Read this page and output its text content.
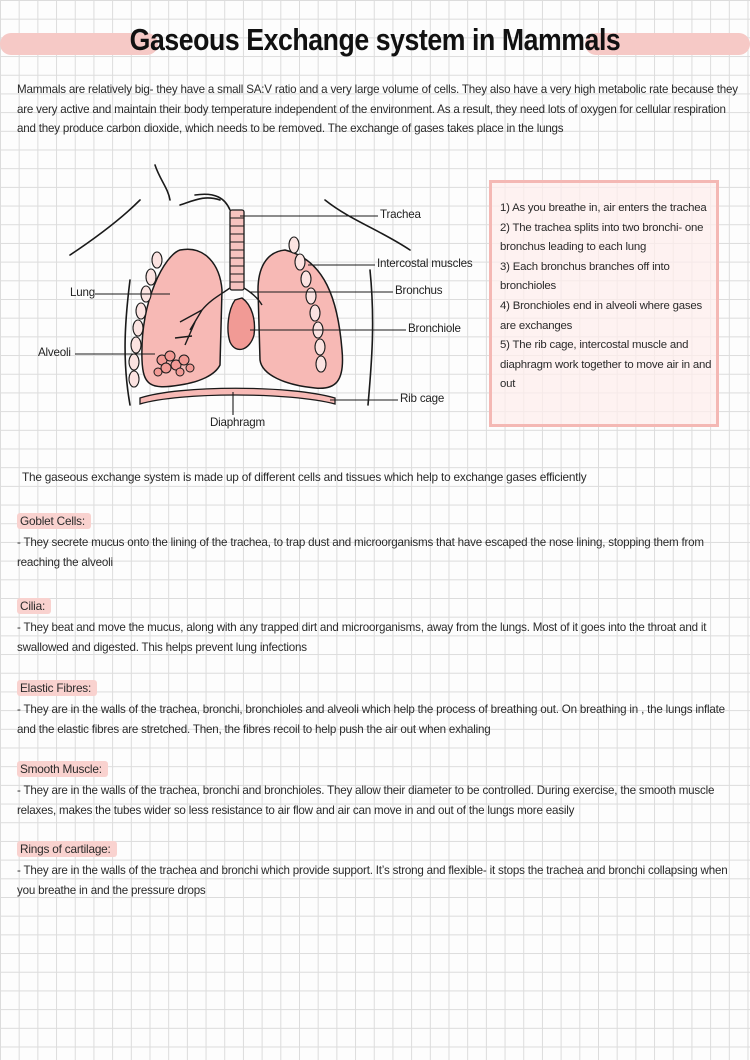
Gaseous Exchange system in Mammals
Mammals are relatively big- they have a small SA:V ratio and a very large volume of cells. They also have a very high metabolic rate because they are very active and maintain their body temperature independent of the environment. As a result, they need lots of oxygen for cellular respiration and they produce carbon dioxide, which needs to be removed. The exchange of gases takes place in the lungs
Trachea
Intercostal muscles
Bronchus
Bronchiole
Rib cage
Diaphragm
Lung
Alveoli
1) As you breathe in, air enters the trachea
2) The trachea splits into two bronchi- one bronchus leading to each lung
3) Each bronchus branches off into bronchioles
4) Bronchioles end in alveoli where gases are exchanges
5) The rib cage, intercostal muscle and diaphragm work together to move air in and out
The gaseous exchange system is made up of different cells and tissues which help to exchange gases efficiently
Goblet Cells:
- They secrete mucus onto the lining of the trachea, to trap dust and microorganisms that have escaped the nose lining, stopping them from reaching the alveoli
Cilia:
- They beat and move the mucus, along with any trapped dirt and microorganisms, away from the lungs. Most of it goes into the throat and it swallowed and digested. This helps prevent lung infections
Elastic Fibres:
- They are in the walls of the trachea, bronchi, bronchioles and alveoli which help the process of breathing out. On breathing in , the lungs inflate and the elastic fibres are stretched. Then, the fibres recoil to help push the air out when exhaling
Smooth Muscle:
- They are in the walls of the trachea, bronchi and bronchioles. They allow their diameter to be controlled. During exercise, the smooth muscle relaxes, makes the tubes wider so less resistance to air flow and air can move in and out of the lungs more easily
Rings of cartilage:
- They are in the walls of the trachea and bronchi which provide support. It’s strong and flexible- it stops the trachea and bronchi collapsing when you breathe in and the pressure drops
